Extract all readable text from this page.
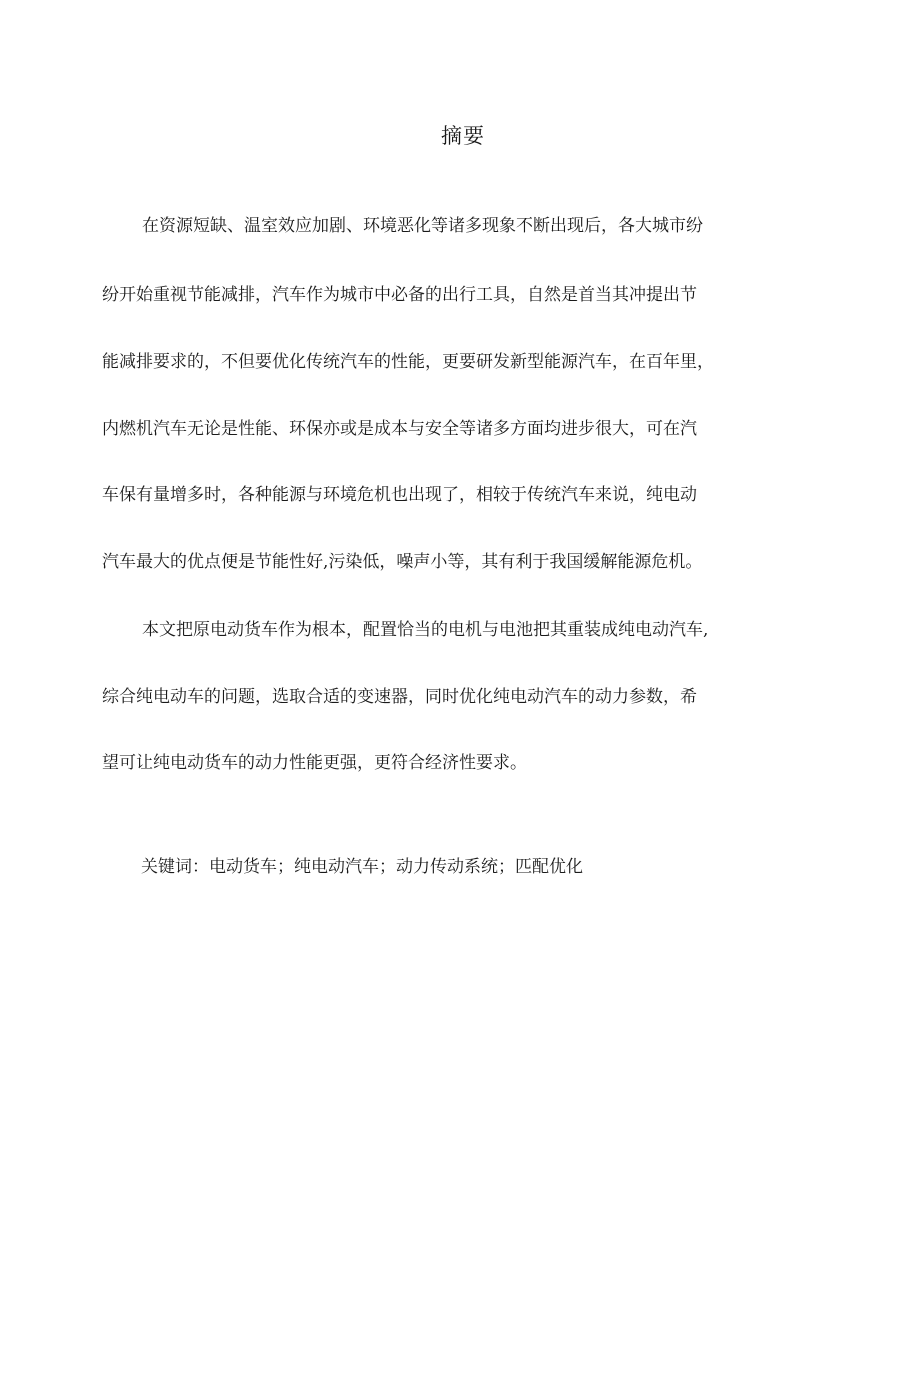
摘要
在资源短缺、温室效应加剧、环境恶化等诸多现象不断出现后，各大城市纷
纷开始重视节能减排，汽车作为城市中必备的出行工具，自然是首当其冲提出节
能减排要求的，不但要优化传统汽车的性能，更要研发新型能源汽车，在百年里，
内燃机汽车无论是性能、环保亦或是成本与安全等诸多方面均进步很大，可在汽
车保有量增多时，各种能源与环境危机也出现了，相较于传统汽车来说，纯电动
汽车最大的优点便是节能性好,污染低，噪声小等，其有利于我国缓解能源危机。
本文把原电动货车作为根本，配置恰当的电机与电池把其重装成纯电动汽车,
综合纯电动车的问题，选取合适的变速器，同时优化纯电动汽车的动力参数，希
望可让纯电动货车的动力性能更强，更符合经济性要求。
关键词：电动货车；纯电动汽车；动力传动系统；匹配优化
